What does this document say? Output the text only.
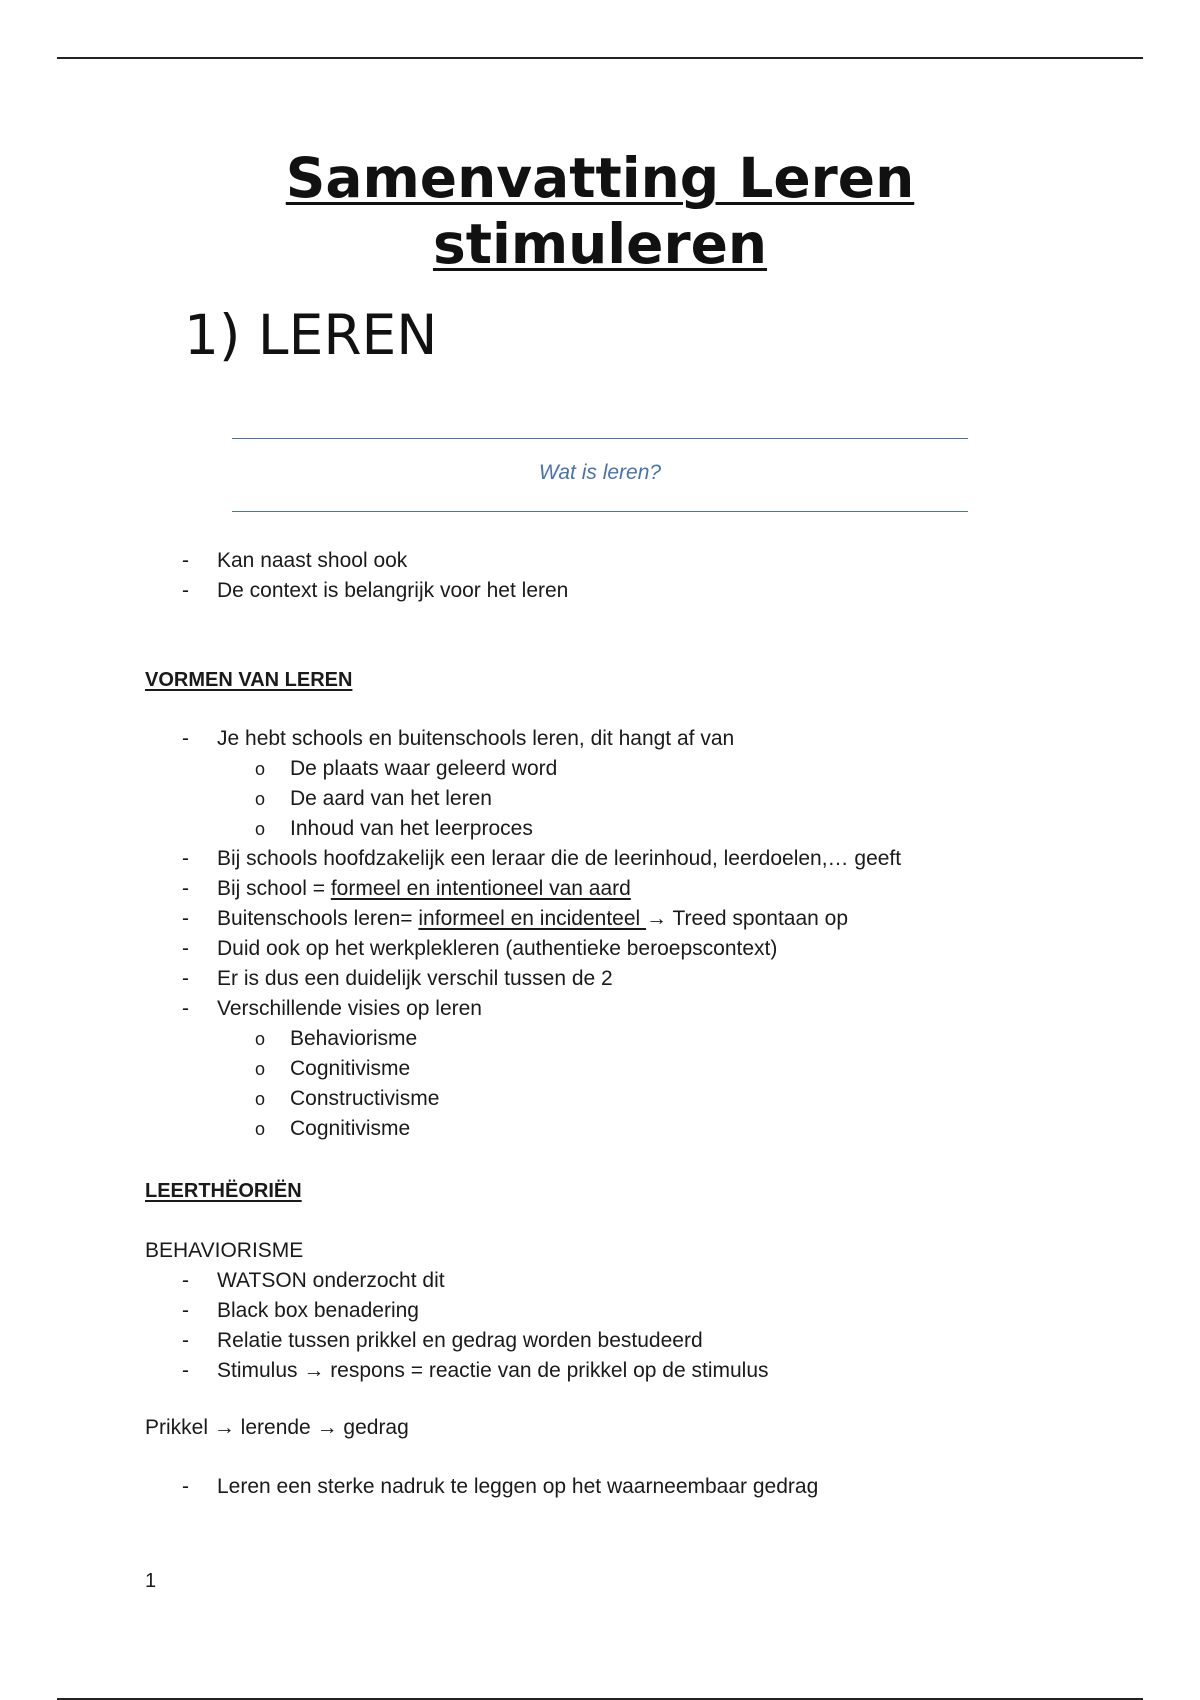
Samenvatting Leren
stimuleren
1) LEREN
Wat is leren?
- Kan naast shool ook
- De context is belangrijk voor het leren
VORMEN VAN LEREN
- Je hebt schools en buitenschools leren, dit hangt af van
o De plaats waar geleerd word
o De aard van het leren
o Inhoud van het leerproces
- Bij schools hoofdzakelijk een leraar die de leerinhoud, leerdoelen,… geeft
- Bij school = formeel en intentioneel van aard
- Buitenschools leren= informeel en incidenteel → Treed spontaan op
- Duid ook op het werkplekleren (authentieke beroepscontext)
- Er is dus een duidelijk verschil tussen de 2
- Verschillende visies op leren
o Behaviorisme
o Cognitivisme
o Constructivisme
o Cognitivisme
LEERTHËORIËN
BEHAVIORISME
- WATSON onderzocht dit
- Black box benadering
- Relatie tussen prikkel en gedrag worden bestudeerd
- Stimulus → respons = reactie van de prikkel op de stimulus
Prikkel → lerende → gedrag
- Leren een sterke nadruk te leggen op het waarneembaar gedrag
1
